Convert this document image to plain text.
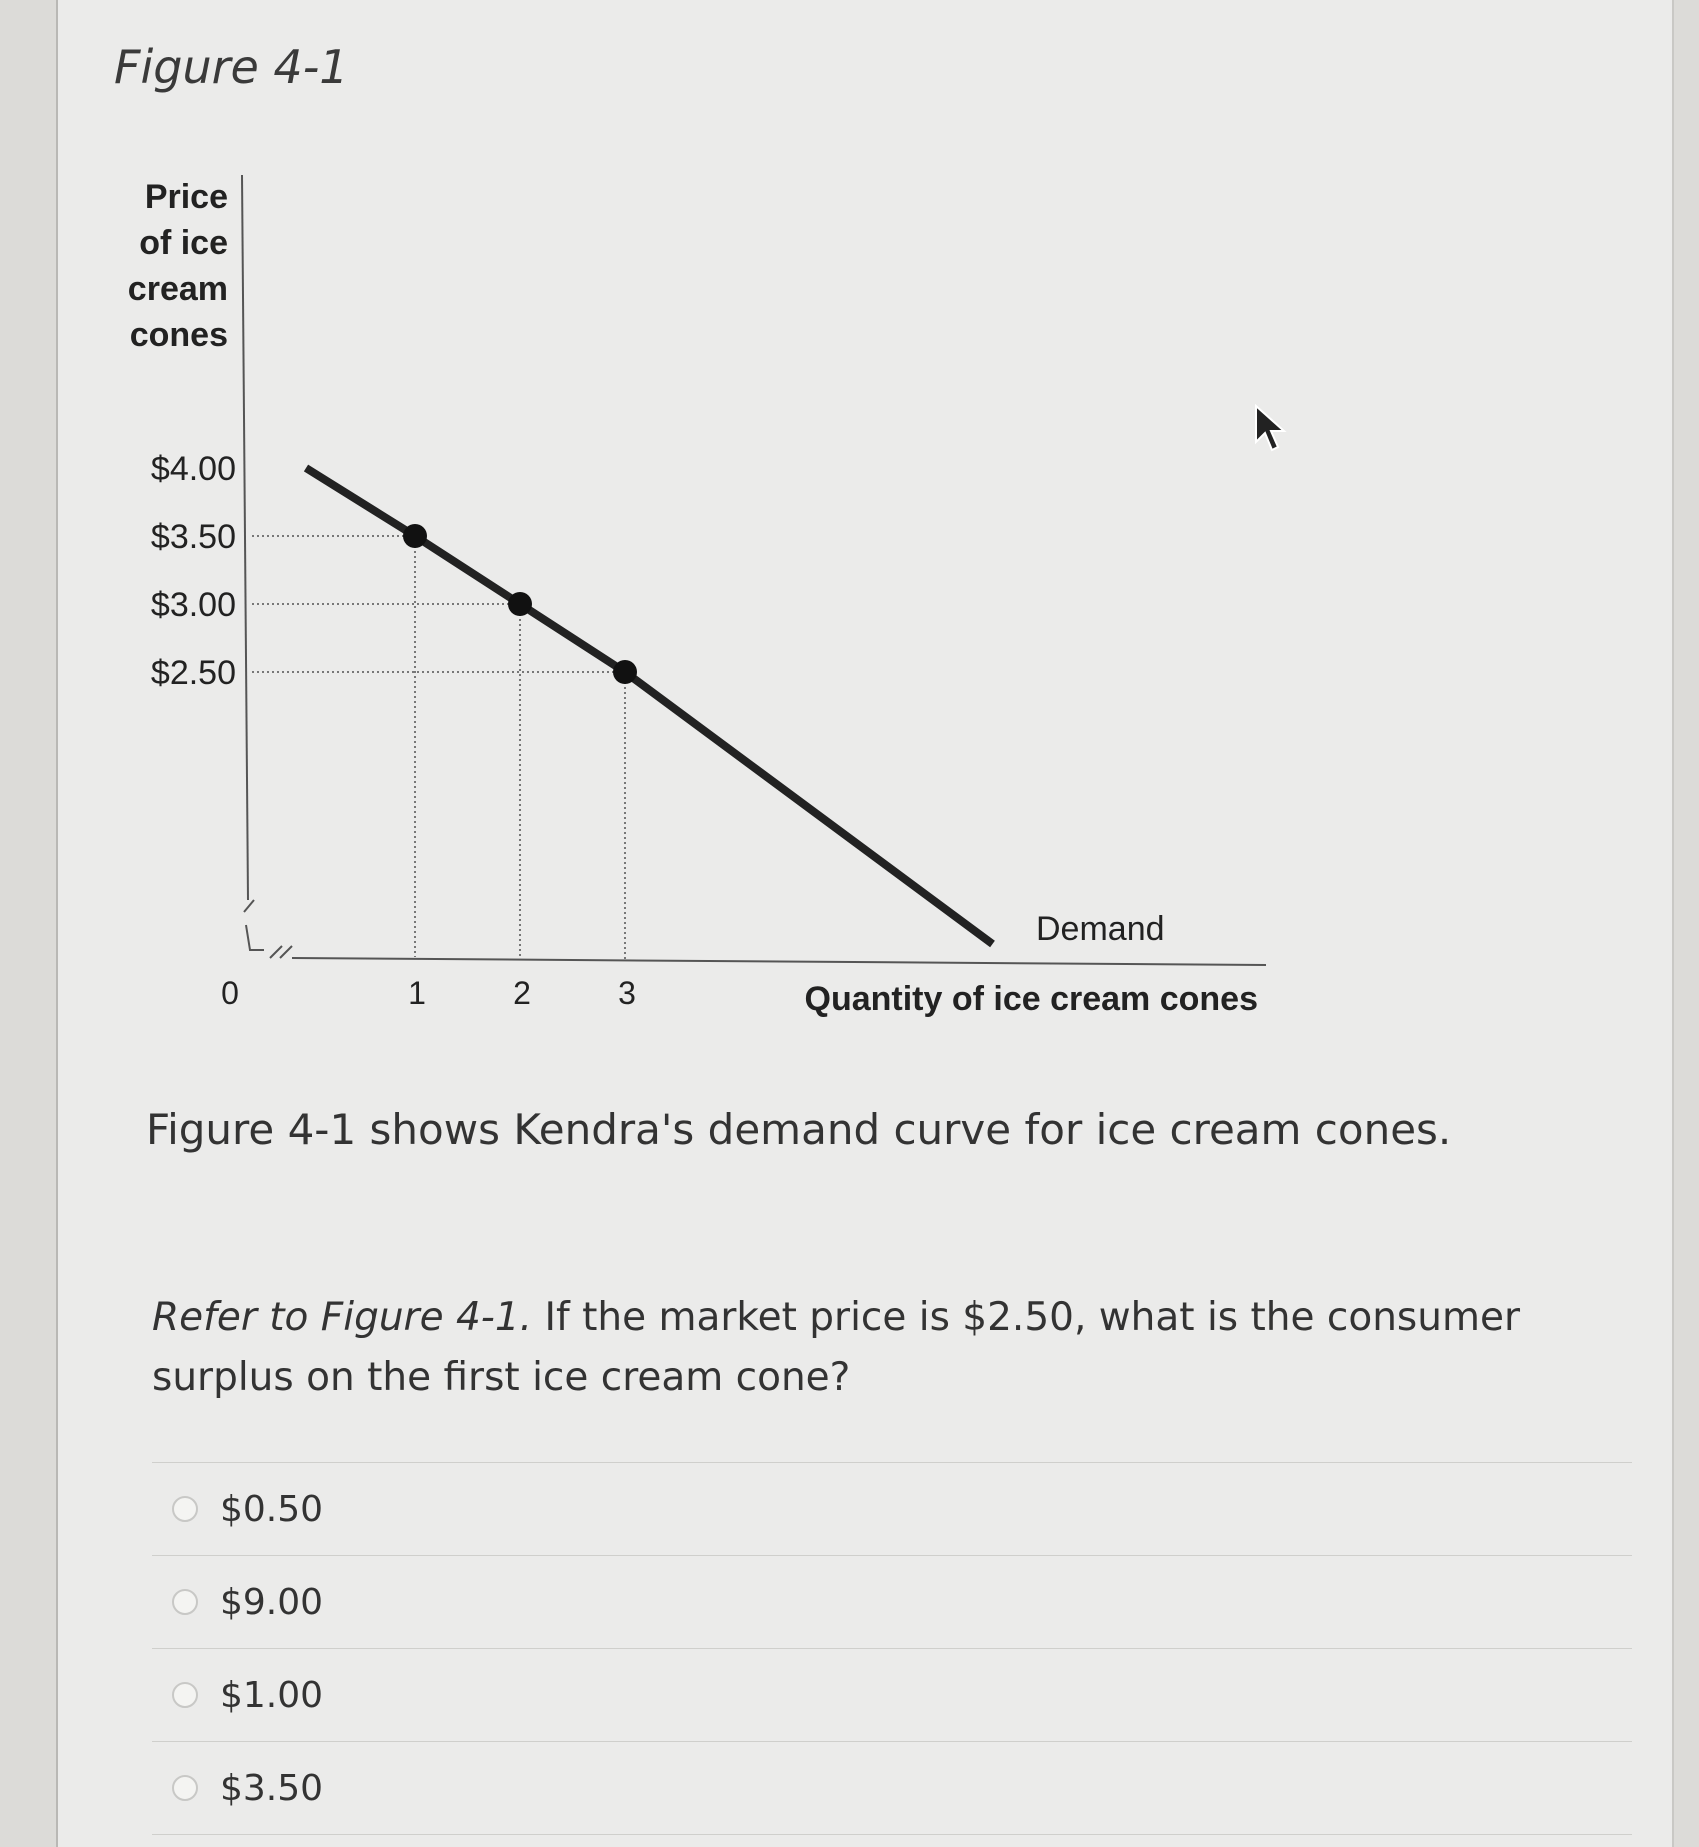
Figure 4-1
Price
of ice
cream
cones
$4.00
$3.50
$3.00
$2.50
0	1	2	3
Demand
Quantity of ice cream cones
Figure 4-1 shows Kendra's demand curve for ice cream cones.
Refer to Figure 4-1. If the market price is $2.50, what is the consumer surplus on the first ice cream cone?
$0.50
$9.00
$1.00
$3.50
